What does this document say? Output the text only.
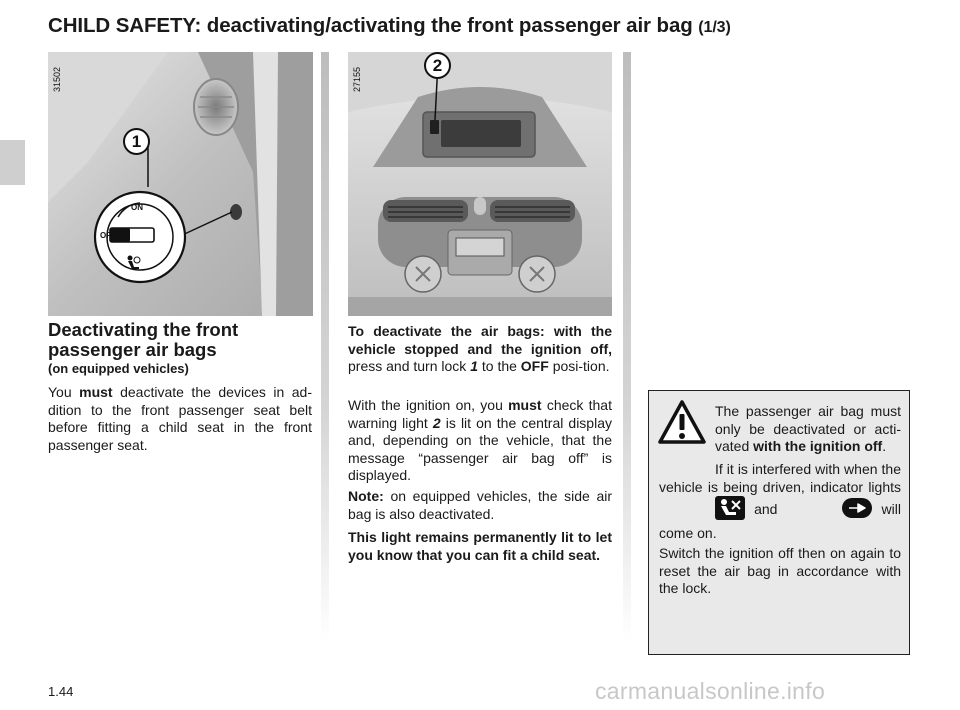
CHILD SAFETY: deactivating/activating the front passenger air bag (1/3)
ON
OFF
31502
1
27155
2
Deactivating the front passenger air bags

(on equipped vehicles)

You must deactivate the devices in ad-dition to the front passenger seat belt before fitting a child seat in the front passenger seat.

To deactivate the air bags: with the vehicle stopped and the ignition off, press and turn lock 1 to the OFF posi-tion.

With the ignition on, you must check that warning light 2 is lit on the central display and, depending on the vehicle, that the message “passenger air bag off” is displayed.

Note: on equipped vehicles, the side air bag is also deactivated.

This light remains permanently lit to let you know that you can fit a child seat.

The passenger air bag must only be deactivated or acti-vated with the ignition off.

If it is interfered with when the vehicle is being driven, indicator lights  and	will come on.

Switch the ignition off then on again to reset the air bag in accordance with the lock.

1.44	carmanualsonline.info
